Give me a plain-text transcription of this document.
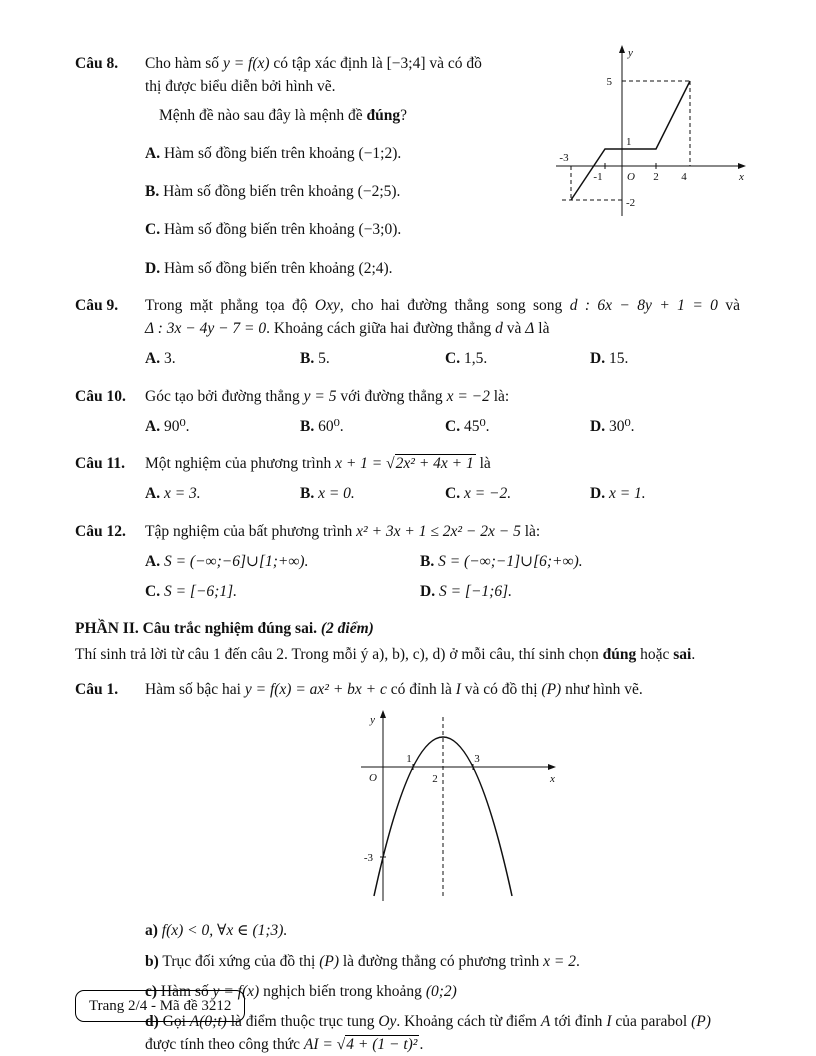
Câu 8.	Cho hàm số y = f(x) có tập xác định là [−3;4] và có đồ thị được biểu diễn bởi hình vẽ.

Mệnh đề nào sau đây là mệnh đề đúng?

A. Hàm số đồng biến trên khoảng (−1;2).
B. Hàm số đồng biến trên khoảng (−2;5).
C. Hàm số đồng biến trên khoảng (−3;0).
D. Hàm số đồng biến trên khoảng (2;4).
y
x
5
1
-3
-1 O 2 4
-2
Câu 9.	Trong mặt phẳng tọa độ Oxy, cho hai đường thẳng song song d : 6x − 8y + 1 = 0 và Δ : 3x − 4y − 7 = 0. Khoảng cách giữa hai đường thẳng d và Δ là

A. 3.	B. 5.	C. 1,5.	D. 15.
Câu 10.	Góc tạo bởi đường thẳng y = 5 với đường thẳng x = −2 là:

A. 90⁰.	B. 60⁰.	C. 45⁰.	D. 30⁰.
Câu 11.	Một nghiệm của phương trình x + 1 = √2x² + 4x + 1 là

A. x = 3.	B. x = 0.	C. x = −2.	D. x = 1.
Câu 12.	Tập nghiệm của bất phương trình x² + 3x + 1 ≤ 2x² − 2x − 5 là:

A. S = (−∞;−6]∪[1;+∞).	B. S = (−∞;−1]∪[6;+∞).
C. S = [−6;1].	D. S = [−1;6].

PHẦN II. Câu trắc nghiệm đúng sai. (2 điểm)

Thí sinh trả lời từ câu 1 đến câu 2. Trong mỗi ý a), b), c), d) ở mỗi câu, thí sinh chọn đúng hoặc sai.

Câu 1.	Hàm số bậc hai y = f(x) = ax² + bx + c có đỉnh là I và có đồ thị (P) như hình vẽ.

y
x
O
1
2
3
-3

a) f(x) < 0, ∀x ∈ (1;3).

b) Trục đối xứng của đồ thị (P) là đường thẳng có phương trình x = 2.

c) Hàm số y = f(x) nghịch biến trong khoảng (0;2)

d) Gọi A(0;t) là điểm thuộc trục tung Oy. Khoảng cách từ điểm A tới đỉnh I của parabol (P) được tính theo công thức AI = √4 + (1 − t)² .

Trang 2/4 - Mã đề 3212
